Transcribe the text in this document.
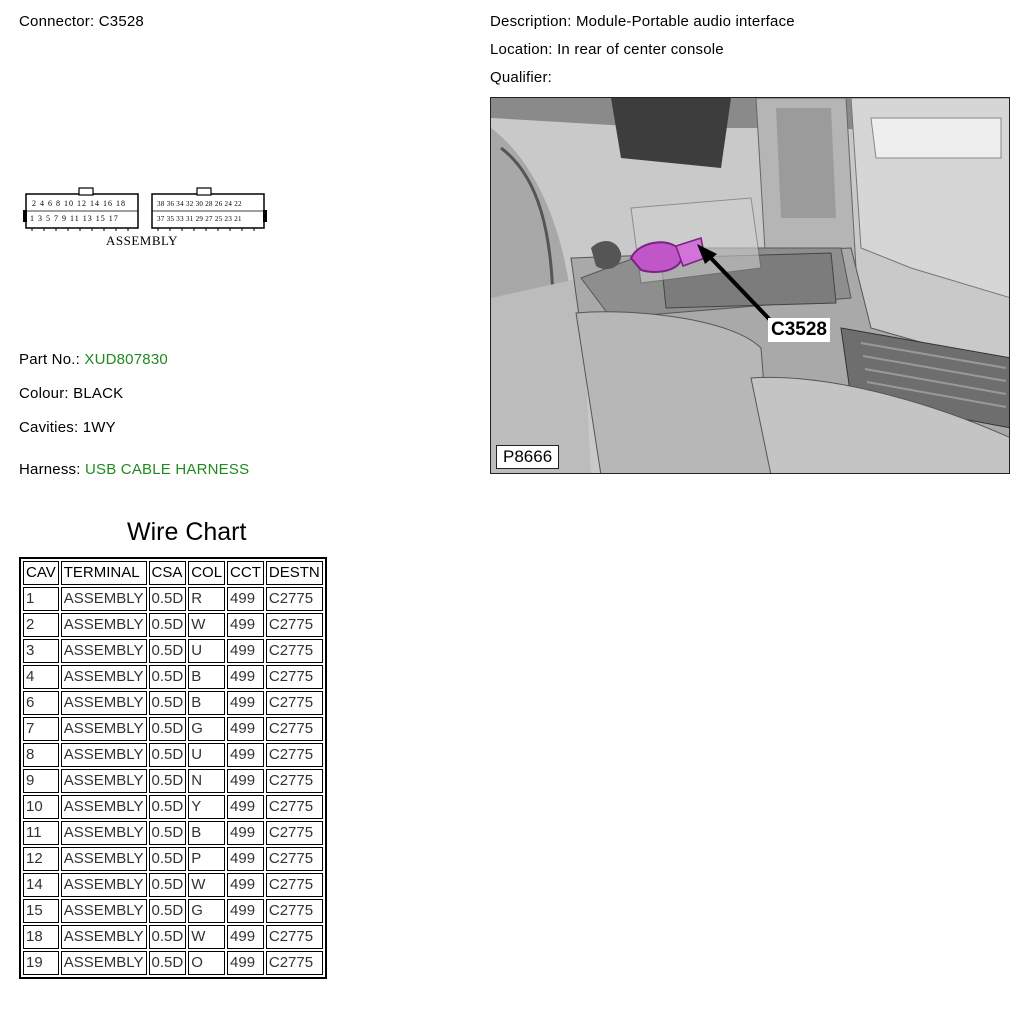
Connector: C3528	Description: Module-Portable audio interface
Location: In rear of center console
Qualifier:
2 4 6 8 10 12 14 16 18
1 3 5 7 9 11 13 15 17
38 36 34 32 30 28 26 24 22
37 35 33 31 29 27 25 23 21
ASSEMBLY
C3528
P8666
Part No.: XUD807830
Colour: BLACK
Cavities: 1WY
Harness: USB CABLE HARNESS
Wire Chart
CAV	TERMINAL	CSA	COL	CCT	DESTN
1	ASSEMBLY	0.5D	R	499	C2775
2	ASSEMBLY	0.5D	W	499	C2775
3	ASSEMBLY	0.5D	U	499	C2775
4	ASSEMBLY	0.5D	B	499	C2775
6	ASSEMBLY	0.5D	B	499	C2775
7	ASSEMBLY	0.5D	G	499	C2775
8	ASSEMBLY	0.5D	U	499	C2775
9	ASSEMBLY	0.5D	N	499	C2775
10	ASSEMBLY	0.5D	Y	499	C2775
11	ASSEMBLY	0.5D	B	499	C2775
12	ASSEMBLY	0.5D	P	499	C2775
14	ASSEMBLY	0.5D	W	499	C2775
15	ASSEMBLY	0.5D	G	499	C2775
18	ASSEMBLY	0.5D	W	499	C2775
19	ASSEMBLY	0.5D	O	499	C2775
